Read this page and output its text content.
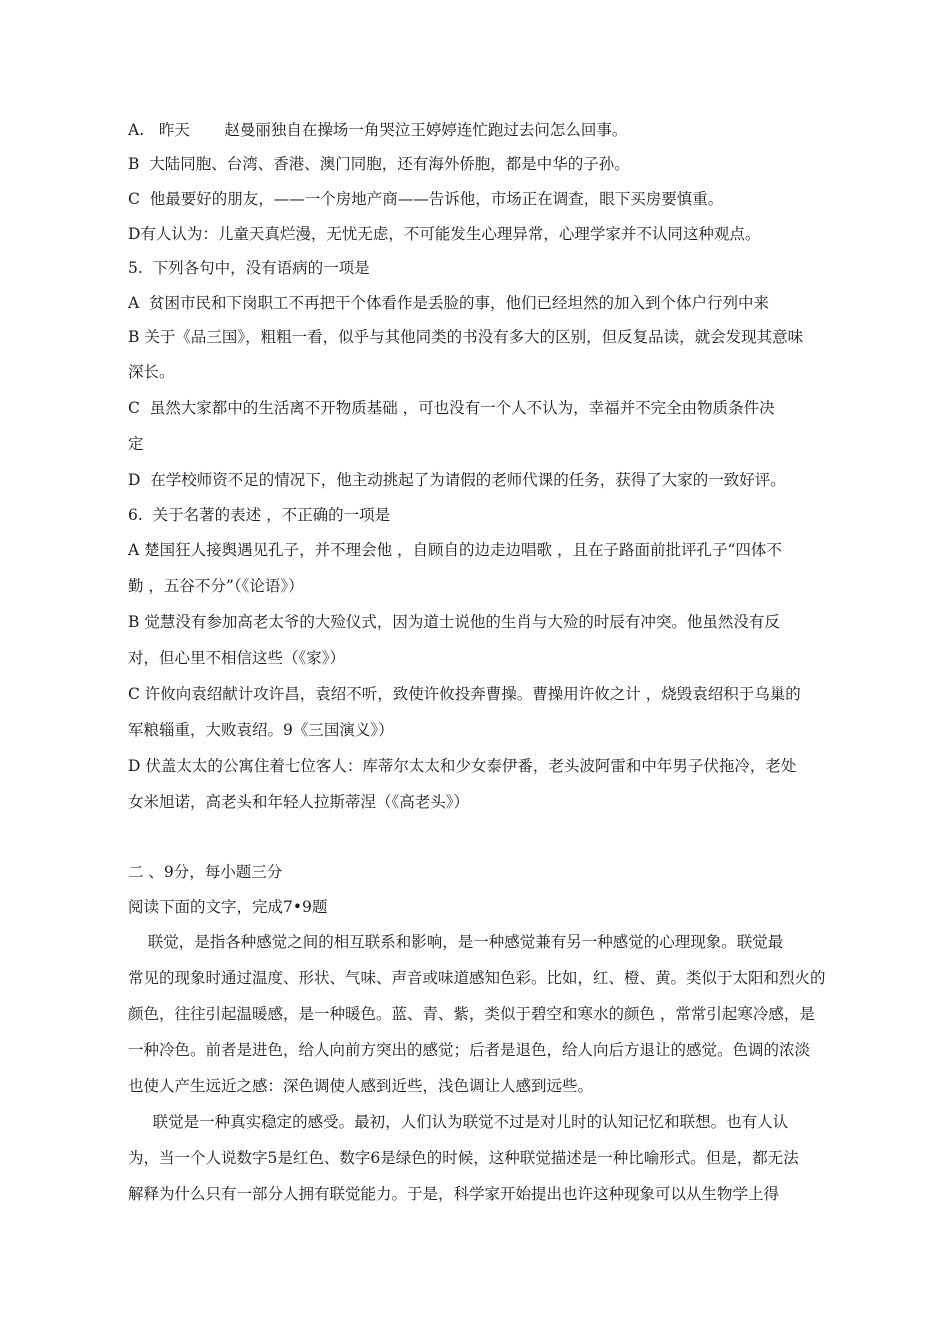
A.   昨天       赵曼丽独自在操场一角哭泣王婷婷连忙跑过去问怎么回事。
B  大陆同胞、台湾、香港、澳门同胞，还有海外侨胞，都是中华的子孙。
C  他最要好的朋友，——一个房地产商——告诉他，市场正在调查，眼下买房要慎重。
D有人认为：儿童天真烂漫，无忧无虑，不可能发生心理异常，心理学家并不认同这种观点。
5.  下列各句中，没有语病的一项是
A  贫困市民和下岗职工不再把干个体看作是丢脸的事，他们已经坦然的加入到个体户行列中来
B 关于《品三国》，粗粗一看，似乎与其他同类的书没有多大的区别，但反复品读，就会发现其意味
深长。
C  虽然大家都中的生活离不开物质基础 ，可也没有一个人不认为，幸福并不完全由物质条件决
定
D  在学校师资不足的情况下，他主动挑起了为请假的老师代课的任务，获得了大家的一致好评。
6.  关于名著的表述 ，不正确的一项是
A 楚国狂人接舆遇见孔子，并不理会他 ，自顾自的边走边唱歌 ，且在子路面前批评孔子“四体不
勤 ，五谷不分”（《论语》）
B 觉慧没有参加高老太爷的大殓仪式，因为道士说他的生肖与大殓的时辰有冲突。他虽然没有反
对，但心里不相信这些（《家》）
C 许攸向袁绍献计攻许昌，袁绍不听，致使许攸投奔曹操。曹操用许攸之计 ，烧毁袁绍积于乌巢的
军粮辎重，大败袁绍。9《三国演义》）
D 伏盖太太的公寓住着七位客人：库蒂尔太太和少女泰伊番，老头波阿雷和中年男子伏拖冷，老处
女米旭诺，高老头和年轻人拉斯蒂涅（《高老头》）
二 、9分，每小题三分
阅读下面的文字，完成7•9题
联觉，是指各种感觉之间的相互联系和影响，是一种感觉兼有另一种感觉的心理现象。联觉最
常见的现象时通过温度、形状、气味、声音或味道感知色彩。比如，红、橙、黄。类似于太阳和烈火的
颜色，往往引起温暖感，是一种暖色。蓝、青、紫，类似于碧空和寒水的颜色 ，常常引起寒冷感，是
一种冷色。前者是进色，给人向前方突出的感觉；后者是退色，给人向后方退让的感觉。色调的浓淡
也使人产生远近之感：深色调使人感到近些，浅色调让人感到远些。
联觉是一种真实稳定的感受。最初，人们认为联觉不过是对儿时的认知记忆和联想。也有人认
为，当一个人说数字5是红色、数字6是绿色的时候，这种联觉描述是一种比喻形式。但是，都无法
解释为什么只有一部分人拥有联觉能力。于是，科学家开始提出也许这种现象可以从生物学上得
